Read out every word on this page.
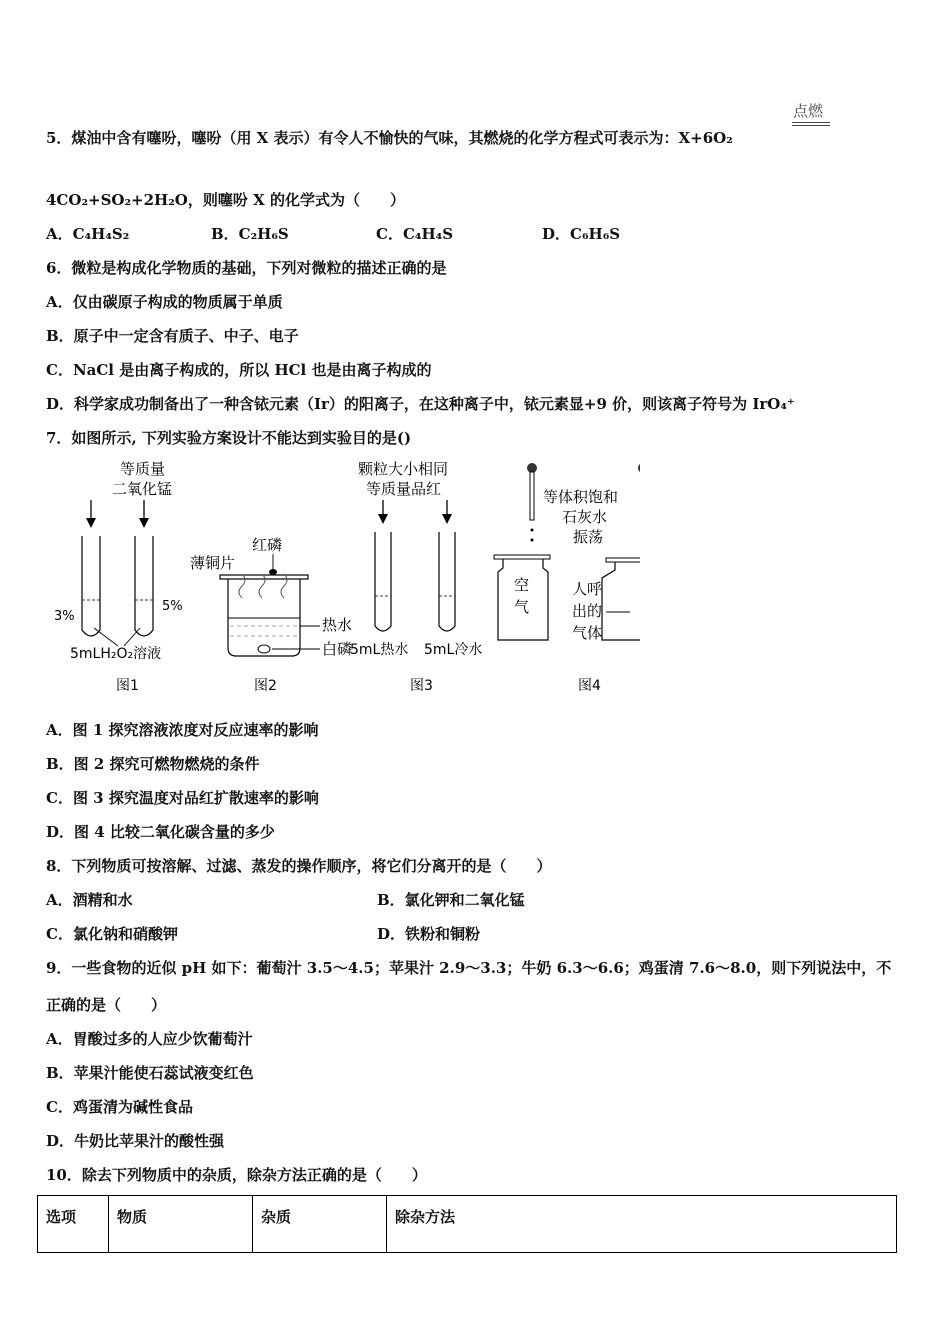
点燃
5．煤油中含有噻吩，噻吩（用 X 表示）有令人不愉快的气味，其燃烧的化学方程式可表示为：X+6O₂
4CO₂+SO₂+2H₂O，则噻吩 X 的化学式为（　　）
A．C₄H₄S₂	B．C₂H₆S	C．C₄H₄S	D．C₆H₆S
6．微粒是构成化学物质的基础，下列对微粒的描述正确的是
A．仅由碳原子构成的物质属于单质
B．原子中一定含有质子、中子、电子
C．NaCl 是由离子构成的，所以 HCl 也是由离子构成的
D．科学家成功制备出了一种含铱元素（Ir）的阳离子，在这种离子中，铱元素显+9 价，则该离子符号为 IrO₄⁺
7．如图所示, 下列实验方案设计不能达到实验目的是()
等质量
二氧化锰
3%
5%
5mLH₂O₂溶液
图1
红磷
薄铜片
热水
白磷
图2
颗粒大小相同
等质量品红
5mL热水 5mL冷水
图3
等体积饱和
石灰水
振荡
空 气
人呼
出的
气体
图4
A．图 1 探究溶液浓度对反应速率的影响
B．图 2 探究可燃物燃烧的条件
C．图 3 探究温度对品红扩散速率的影响
D．图 4 比较二氧化碳含量的多少
8．下列物质可按溶解、过滤、蒸发的操作顺序，将它们分离开的是（　　）
A．酒精和水	B．氯化钾和二氧化锰
C．氯化钠和硝酸钾	D．铁粉和铜粉
9．一些食物的近似 pH 如下：葡萄汁 3.5～4.5；苹果汁 2.9～3.3；牛奶 6.3～6.6；鸡蛋清 7.6～8.0，则下列说法中，不
正确的是（　　）
A．胃酸过多的人应少饮葡萄汁
B．苹果汁能使石蕊试液变红色
C．鸡蛋清为碱性食品
D．牛奶比苹果汁的酸性强
10．除去下列物质中的杂质，除杂方法正确的是（　　）
选项	物质	杂质	除杂方法
